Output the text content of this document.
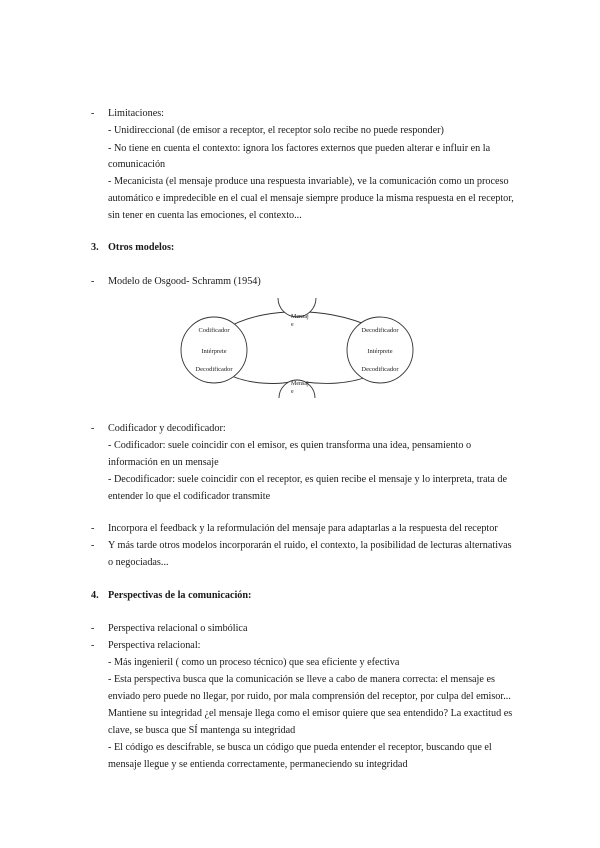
- Limitaciones:
- Unidireccional (de emisor a receptor, el receptor solo recibe no puede responder)
- No tiene en cuenta el contexto: ignora los factores externos que pueden alterar e influir en la
comunicación
- Mecanicista (el mensaje produce una respuesta invariable), ve la comunicación como un proceso
automático e impredecible en el cual el mensaje siempre produce la misma respuesta en el receptor,
sin tener en cuenta las emociones, el contexto...
3. Otros modelos:
- Modelo de Osgood- Schramm (1954)
Codificador
Intérprete
Decodificador
Decodificador
Intérprete
Decodificador
Mensaj
e
Mensaj
e
- Codificador y decodificador:
- Codificador: suele coincidir con el emisor, es quien transforma una idea, pensamiento o
información en un mensaje
- Decodificador: suele coincidir con el receptor, es quien recibe el mensaje y lo interpreta, trata de
entender lo que el codificador transmite
- Incorpora el feedback y la reformulación del mensaje para adaptarlas a la respuesta del receptor
- Y más tarde otros modelos incorporarán el ruido, el contexto, la posibilidad de lecturas alternativas
o negociadas...
4. Perspectivas de la comunicación:
- Perspectiva relacional o simbólica
- Perspectiva relacional:
- Más ingenieril ( como un proceso técnico) que sea eficiente y efectiva
- Esta perspectiva busca que la comunicación se lleve a cabo de manera correcta: el mensaje es
enviado pero puede no llegar, por ruido, por mala comprensión del receptor, por culpa del emisor...
Mantiene su integridad ¿el mensaje llega como el emisor quiere que sea entendido? La exactitud es
clave, se busca que SÍ mantenga su integridad
- El código es descifrable, se busca un código que pueda entender el receptor, buscando que el
mensaje llegue y se entienda correctamente, permaneciendo su integridad
